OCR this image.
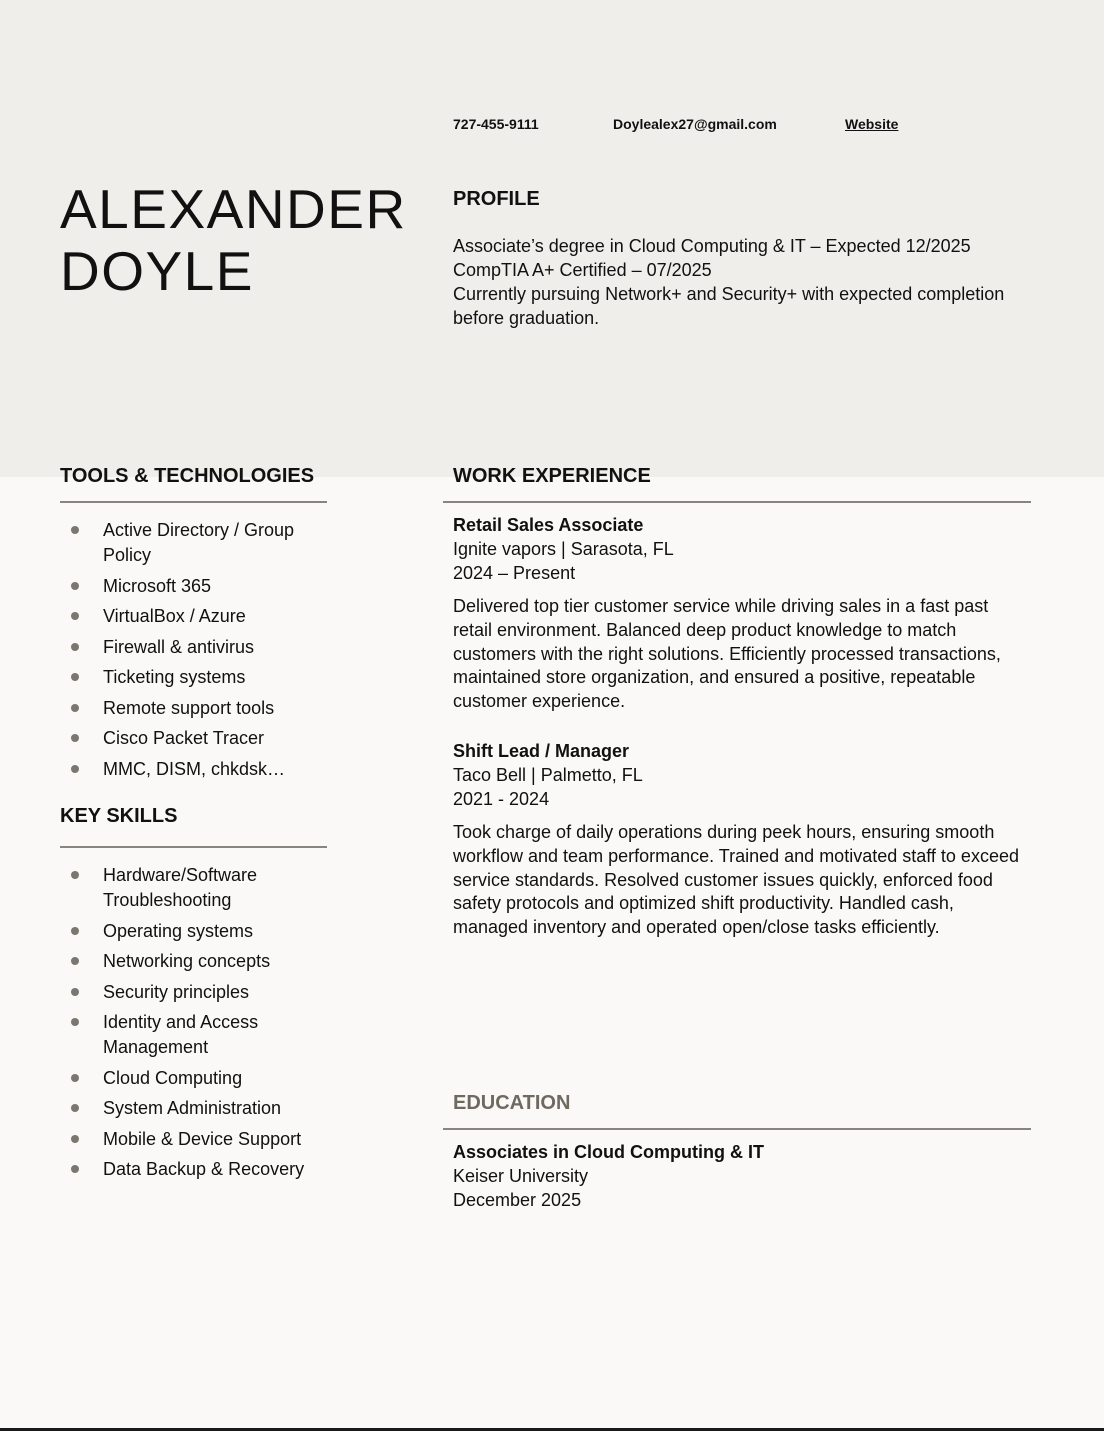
727-455-9111	Doylealex27@gmail.com	Website
ALEXANDER
DOYLE
PROFILE
Associate’s degree in Cloud Computing & IT – Expected 12/2025
CompTIA A+ Certified – 07/2025
Currently pursuing Network+ and Security+ with expected completion before graduation.
TOOLS & TECHNOLOGIES
Active Directory / Group Policy
Microsoft 365
VirtualBox / Azure
Firewall & antivirus
Ticketing systems
Remote support tools
Cisco Packet Tracer
MMC, DISM, chkdsk…
KEY SKILLS
Hardware/Software Troubleshooting
Operating systems
Networking concepts
Security principles
Identity and Access Management
Cloud Computing
System Administration
Mobile & Device Support
Data Backup & Recovery
WORK EXPERIENCE
Retail Sales Associate
Ignite vapors | Sarasota, FL
2024 – Present
Delivered top tier customer service while driving sales in a fast past retail environment. Balanced deep product knowledge to match customers with the right solutions. Efficiently processed transactions, maintained store organization, and ensured a positive, repeatable customer experience.
Shift Lead / Manager
Taco Bell | Palmetto, FL
2021 - 2024
Took charge of daily operations during peek hours, ensuring smooth workflow and team performance. Trained and motivated staff to exceed service standards. Resolved customer issues quickly, enforced food safety protocols and optimized shift productivity. Handled cash, managed inventory and operated open/close tasks efficiently.
EDUCATION
Associates in Cloud Computing & IT
Keiser University
December 2025
